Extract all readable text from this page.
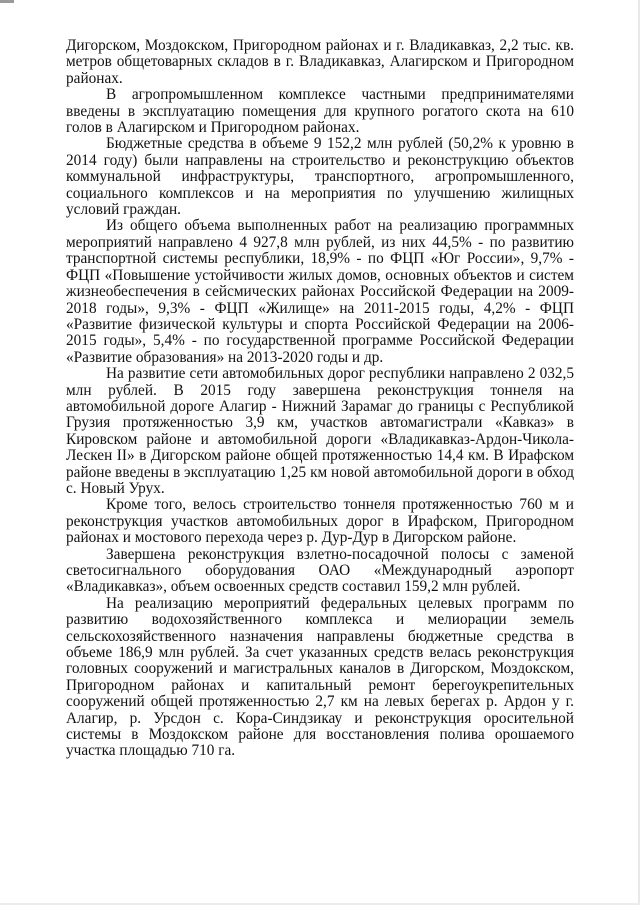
Дигорском, Моздокском, Пригородном районах и г. Владикавказ, 2,2 тыс. кв. метров общетоварных складов в г. Владикавказ, Алагирском и Пригородном районах.

В агропромышленном комплексе частными предпринимателями введены в эксплуатацию помещения для крупного рогатого скота на 610 голов в Алагирском и Пригородном районах.

Бюджетные средства в объеме 9 152,2 млн рублей (50,2% к уровню в 2014 году) были направлены на строительство и реконструкцию объектов коммунальной инфраструктуры, транспортного, агропромышленного, социального комплексов и на мероприятия по улучшению жилищных условий граждан.

Из общего объема выполненных работ на реализацию программных мероприятий направлено 4 927,8 млн рублей, из них 44,5% - по развитию транспортной системы республики, 18,9% - по ФЦП «Юг России», 9,7% - ФЦП «Повышение устойчивости жилых домов, основных объектов и систем жизнеобеспечения в сейсмических районах Российской Федерации на 2009-2018 годы», 9,3% - ФЦП «Жилище» на 2011-2015 годы, 4,2% - ФЦП «Развитие физической культуры и спорта Российской Федерации на 2006-2015 годы», 5,4% - по государственной программе Российской Федерации «Развитие образования» на 2013-2020 годы и др.

На развитие сети автомобильных дорог республики направлено 2 032,5 млн рублей. В 2015 году завершена реконструкция тоннеля на автомобильной дороге Алагир - Нижний Зарамаг до границы с Республикой Грузия протяженностью 3,9 км, участков автомагистрали «Кавказ» в Кировском районе и автомобильной дороги «Владикавказ-Ардон-Чикола-Лескен II» в Дигорском районе общей протяженностью 14,4 км. В Ирафском районе введены в эксплуатацию 1,25 км новой автомобильной дороги в обход с. Новый Урух.

Кроме того, велось строительство тоннеля протяженностью 760 м и реконструкция участков автомобильных дорог в Ирафском, Пригородном районах и мостового перехода через р. Дур-Дур в Дигорском районе.

Завершена реконструкция взлетно-посадочной полосы с заменой светосигнального оборудования ОАО «Международный аэропорт «Владикавказ», объем освоенных средств составил 159,2 млн рублей.

На реализацию мероприятий федеральных целевых программ по развитию водохозяйственного комплекса и мелиорации земель сельскохозяйственного назначения направлены бюджетные средства в объеме 186,9 млн рублей. За счет указанных средств велась реконструкция головных сооружений и магистральных каналов в Дигорском, Моздокском, Пригородном районах и капитальный ремонт берегоукрепительных сооружений общей протяженностью 2,7 км на левых берегах р. Ардон у г. Алагир, р. Урсдон с. Кора-Синдзикау и реконструкция оросительной системы в Моздокском районе для восстановления полива орошаемого участка площадью 710 га.
